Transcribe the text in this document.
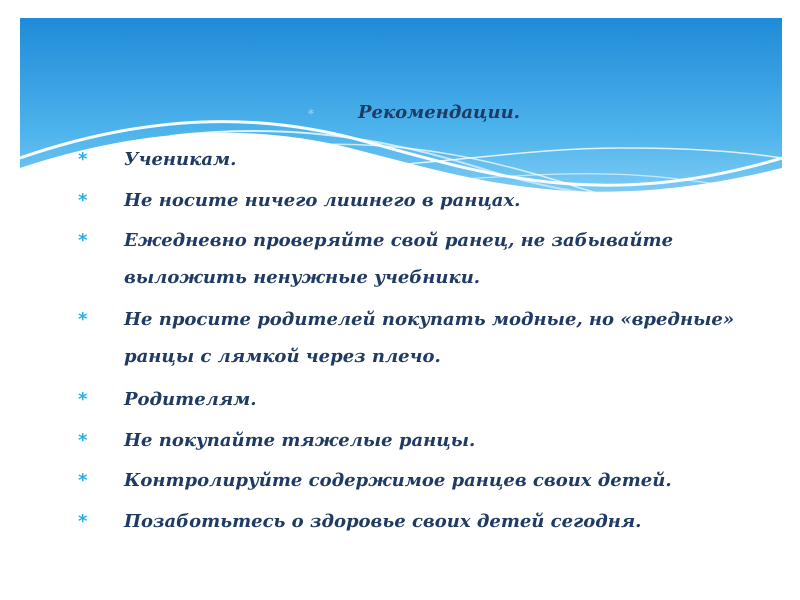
* Рекомендации.
*	Ученикам.
*	Не носите ничего лишнего в ранцах.
*	Ежедневно проверяйте свой ранец, не забывайте выложить ненужные учебники.
*	Не просите родителей покупать модные, но «вредные» ранцы с лямкой через плечо.
*	Родителям.
*	Не покупайте тяжелые ранцы.
*	Контролируйте содержимое ранцев своих детей.
*	Позаботьтесь о здоровье своих детей сегодня.
